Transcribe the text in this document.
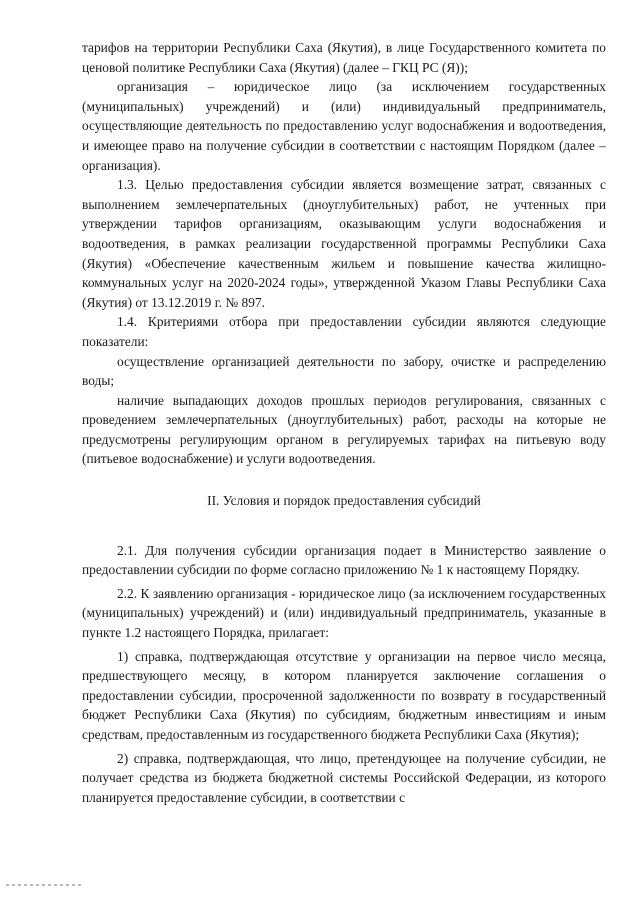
тарифов на территории Республики Саха (Якутия), в лице Государственного комитета по ценовой политике Республики Саха (Якутия) (далее – ГКЦ РС (Я));

организация – юридическое лицо (за исключением государственных (муниципальных) учреждений) и (или) индивидуальный предприниматель, осуществляющие деятельность по предоставлению услуг водоснабжения и водоотведения, и имеющее право на получение субсидии в соответствии с настоящим Порядком (далее – организация).

1.3. Целью предоставления субсидии является возмещение затрат, связанных с выполнением землечерпательных (дноуглубительных) работ, не учтенных при утверждении тарифов организациям, оказывающим услуги водоснабжения и водоотведения, в рамках реализации государственной программы Республики Саха (Якутия) «Обеспечение качественным жильем и повышение качества жилищно-коммунальных услуг на 2020-2024 годы», утвержденной Указом Главы Республики Саха (Якутия) от 13.12.2019 г. № 897.

1.4. Критериями отбора при предоставлении субсидии являются следующие показатели:

осуществление организацией деятельности по забору, очистке и распределению воды;

наличие выпадающих доходов прошлых периодов регулирования, связанных с проведением землечерпательных (дноуглубительных) работ, расходы на которые не предусмотрены регулирующим органом в регулируемых тарифах на питьевую воду (питьевое водоснабжение) и услуги водоотведения.

II. Условия и порядок предоставления субсидий

2.1. Для получения субсидии организация подает в Министерство заявление о предоставлении субсидии по форме согласно приложению № 1 к настоящему Порядку.

2.2. К заявлению организация - юридическое лицо (за исключением государственных (муниципальных) учреждений) и (или) индивидуальный предприниматель, указанные в пункте 1.2 настоящего Порядка, прилагает:

1) справка, подтверждающая отсутствие у организации на первое число месяца, предшествующего месяцу, в котором планируется заключение соглашения о предоставлении субсидии, просроченной задолженности по возврату в государственный бюджет Республики Саха (Якутия) по субсидиям, бюджетным инвестициям и иным средствам, предоставленным из государственного бюджета Республики Саха (Якутия);

2) справка, подтверждающая, что лицо, претендующее на получение субсидии, не получает средства из бюджета бюджетной системы Российской Федерации, из которого планируется предоставление субсидии, в соответствии с
